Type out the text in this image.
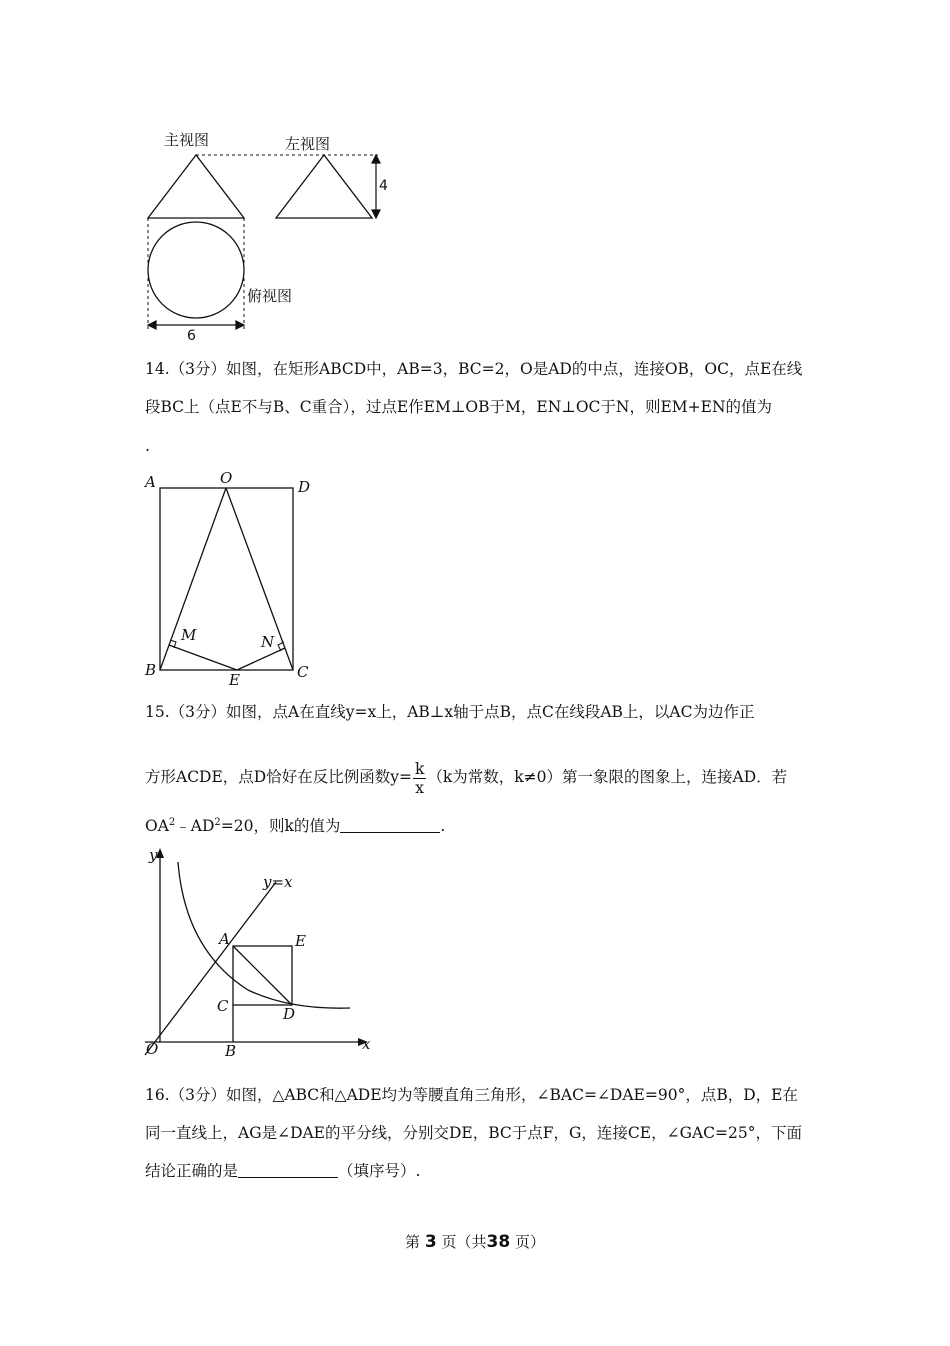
主视图	左视图
俯视图
4
6
14.（3分）如图，在矩形ABCD中，AB=3，BC=2，O是AD的中点，连接OB，OC，点E在线
段BC上（点E不与B、C重合），过点E作EM⊥OB于M，EN⊥OC于N，则EM+EN的值为
.
A	O	D
B
E	C
M	N
15.（3分）如图，点A在直线y=x上，AB⊥x轴于点B，点C在线段AB上，以AC为边作正
方形ACDE，点D恰好在反比例函数$y= \frac{k}{x} (k$为常数，k≠0）第一象限的图象上，连接AD．若
$OA^2﹣AD^2=20$，则k的值为	.
y
y=x
A	E
C	D
O	B	x
16.（3分）如图，△ABC和△ADE均为等腰直角三角形，∠BAC=∠DAE=90°，点B，D，E在
同一直线上，AG是∠DAE的平分线，分别交DE，BC于点F，G，连接CE，∠GAC=25°，下面
结论正确的是	（填序号）.
第 3 页（共38 页）
